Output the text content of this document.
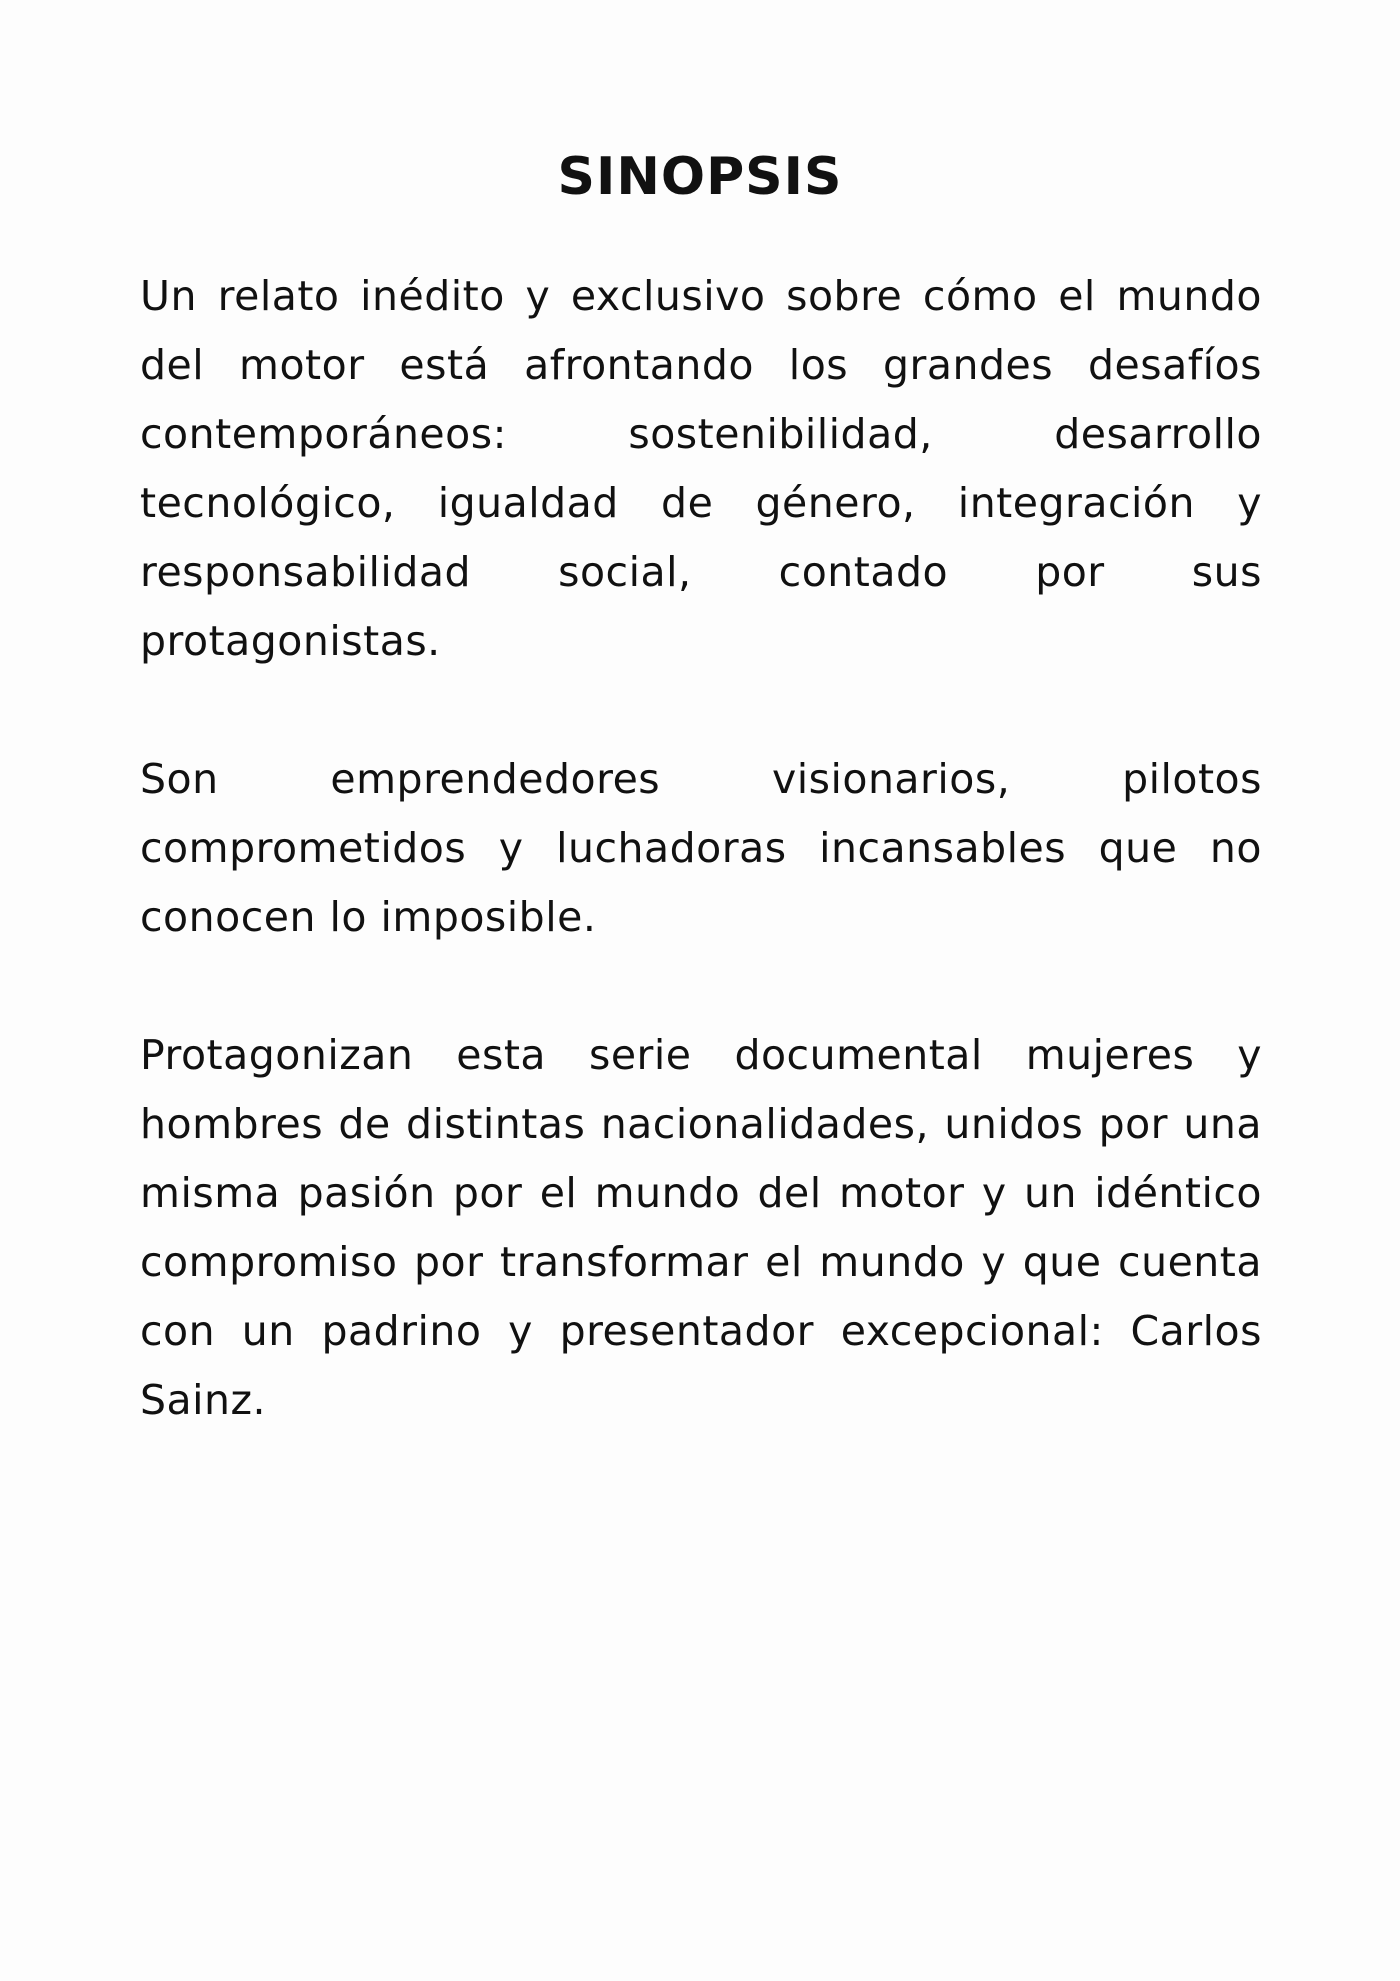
SINOPSIS

Un relato inédito y exclusivo sobre cómo el mundo del motor está afrontando los grandes desafíos contemporáneos: sostenibilidad, desarrollo tecnológico, igualdad de género, integración y responsabilidad social, contado por sus protagonistas.

Son emprendedores visionarios, pilotos comprometidos y luchadoras incansables que no conocen lo imposible.

Protagonizan esta serie documental mujeres y hombres de distintas nacionalidades, unidos por una misma pasión por el mundo del motor y un idéntico compromiso por transformar el mundo y que cuenta con un padrino y presentador excepcional: Carlos Sainz.
